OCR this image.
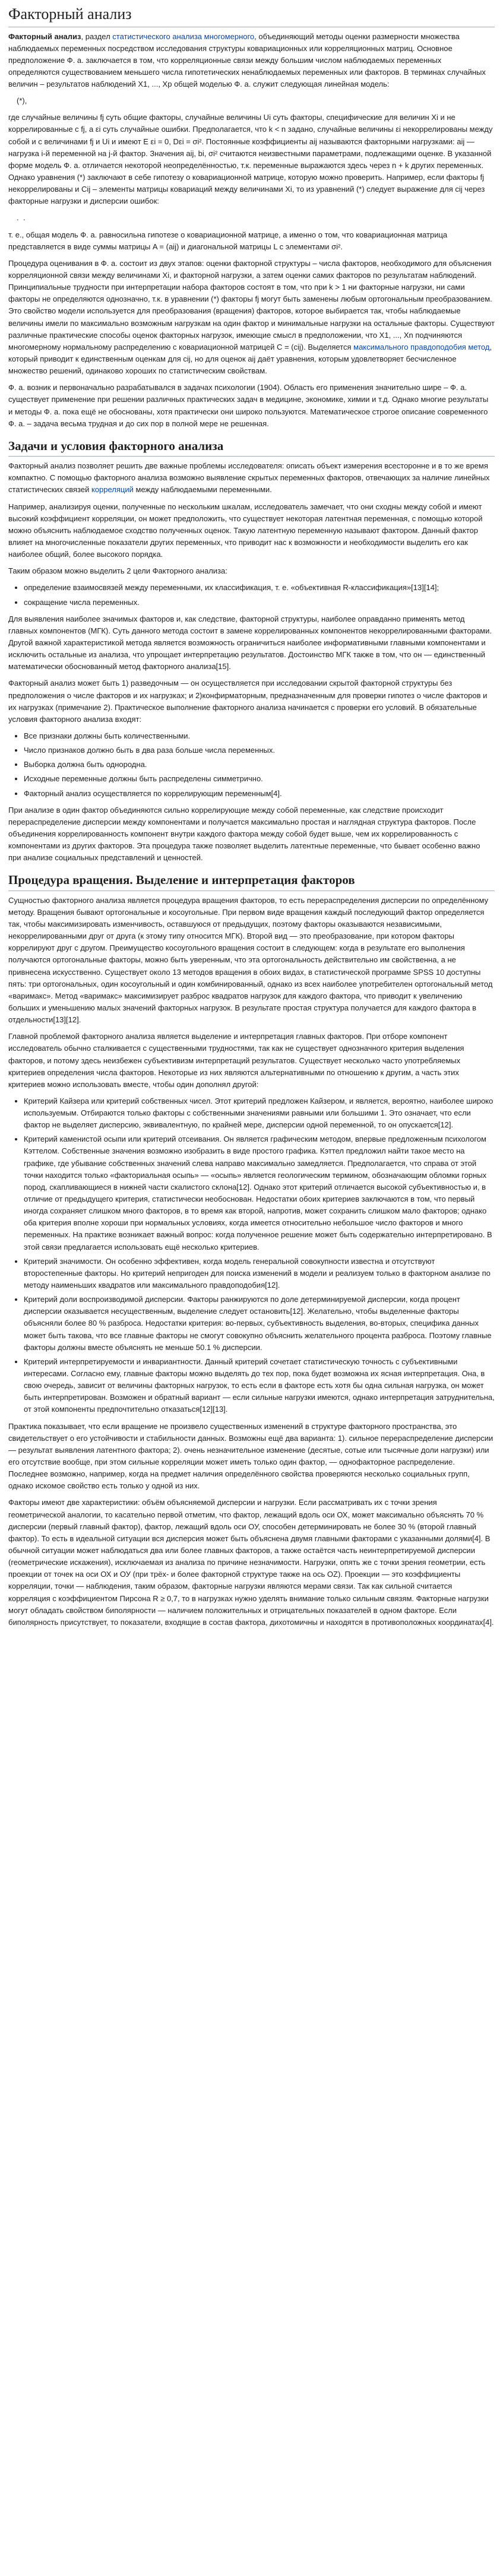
Факторный анализ

Факторный анализ, раздел статистического анализа многомерного, объединяющий методы оценки размерности множества наблюдаемых переменных посредством исследования структуры ковариационных или корреляционных матриц. Основное предположение Ф. а. заключается в том, что корреляционные связи между большим числом наблюдаемых переменных определяются существованием меньшего числа гипотетических ненаблюдаемых переменных или факторов. В терминах случайных величин – результатов наблюдений X1, ..., Xp общей моделью Ф. а. служит следующая линейная модель:

(*),

где случайные величины fj суть общие факторы, случайные величины Ui суть факторы, специфические для величин Xi и не коррелированные с fj, а εi суть случайные ошибки. Предполагается, что k < n задано, случайные величины εi некоррелированы между собой и с величинами fj и Ui и имеют E εi = 0, Dεi = σi². Постоянные коэффициенты aij называются факторными нагрузками: aij — нагрузка i-й переменной на j-й фактор. Значения aij, bi, σi² считаются неизвестными параметрами, подлежащими оценке. В указанной форме модель Ф. а. отличается некоторой неопределённостью, т.к. переменные выражаются здесь через n + k других переменных. Однако уравнения (*) заключают в себе гипотезу о ковариационной матрице, которую можно проверить. Например, если факторы fj некоррелированы и Cij – элементы матрицы ковариаций между величинами Xi, то из уравнений (*) следует выражение для cij через факторные нагрузки и дисперсии ошибок:

.  .

т. е., общая модель Ф. а. равносильна гипотезе о ковариационной матрице, а именно о том, что ковариационная матрица представляется в виде суммы матрицы A = (aij) и диагональной матрицы L с элементами σi².

Процедура оценивания в Ф. а. состоит из двух этапов: оценки факторной структуры – числа факторов, необходимого для объяснения корреляционной связи между величинами Xi, и факторной нагрузки, а затем оценки самих факторов по результатам наблюдений. Принципиальные трудности при интерпретации набора факторов состоят в том, что при k > 1 ни факторные нагрузки, ни сами факторы не определяются однозначно, т.к. в уравнении (*) факторы fj могут быть заменены любым ортогональным преобразованием. Это свойство модели используется для преобразования (вращения) факторов, которое выбирается так, чтобы наблюдаемые величины имели по максимально возможным нагрузкам на один фактор и минимальные нагрузки на остальные факторы. Существуют различные практические способы оценок факторных нагрузок, имеющие смысл в предположении, что X1, ..., Xn подчиняются многомерному нормальному распределению с ковариационной матрицей C = (cij). Выделяется максимального правдоподобия метод, который приводит к единственным оценкам для cij, но для оценок aij даёт уравнения, которым удовлетворяет бесчисленное множество решений, одинаково хороших по статистическим свойствам.

Ф. а. возник и первоначально разрабатывался в задачах психологии (1904). Область его применения значительно шире – Ф. а. существует применение при решении различных практических задач в медицине, экономике, химии и т.д. Однако многие результаты и методы Ф. а. пока ещё не обоснованы, хотя практически они широко пользуются. Математическое строгое описание современного Ф. а. – задача весьма трудная и до сих пор в полной мере не решенная.

Задачи и условия факторного анализа

Факторный анализ позволяет решить две важные проблемы исследователя: описать объект измерения всесторонне и в то же время компактно. С помощью факторного анализа возможно выявление скрытых переменных факторов, отвечающих за наличие линейных статистических связей корреляций между наблюдаемыми переменными.

Например, анализируя оценки, полученные по нескольким шкалам, исследователь замечает, что они сходны между собой и имеют высокий коэффициент корреляции, он может предположить, что существует некоторая латентная переменная, с помощью которой можно объяснить наблюдаемое сходство полученных оценок. Такую латентную переменную называют фактором. Данный фактор влияет на многочисленные показатели других переменных, что приводит нас к возможности и необходимости выделить его как наиболее общий, более высокого порядка.

Таким образом можно выделить 2 цели Факторного анализа:

• определение взаимосвязей между переменными, их классификация, т. е. «объективная R-классификация»[13][14];
• сокращение числа переменных.

Для выявления наиболее значимых факторов и, как следствие, факторной структуры, наиболее оправданно применять метод главных компонентов (МГК). Суть данного метода состоит в замене коррелированных компонентов некоррелированными факторами. Другой важной характеристикой метода является возможность ограничиться наиболее информативными главными компонентами и исключить остальные из анализа, что упрощает интерпретацию результатов. Достоинство МГК также в том, что он — единственный математически обоснованный метод факторного анализа[15].

Факторный анализ может быть 1) разведочным — он осуществляется при исследовании скрытой факторной структуры без предположения о числе факторов и их нагрузках; и 2)конфирматорным, предназначенным для проверки гипотез о числе факторов и их нагрузках (примечание 2). Практическое выполнение факторного анализа начинается с проверки его условий. В обязательные условия факторного анализа входят:

• Все признаки должны быть количественными.
• Число признаков должно быть в два раза больше числа переменных.
• Выборка должна быть однородна.
• Исходные переменные должны быть распределены симметрично.
• Факторный анализ осуществляется по коррелирующим переменным[4].

При анализе в один фактор объединяются сильно коррелирующие между собой переменные, как следствие происходит перераспределение дисперсии между компонентами и получается максимально простая и наглядная структура факторов. После объединения коррелированность компонент внутри каждого фактора между собой будет выше, чем их коррелированность с компонентами из других факторов. Эта процедура также позволяет выделить латентные переменные, что бывает особенно важно при анализе социальных представлений и ценностей.

Процедура вращения. Выделение и интерпретация факторов

Сущностью факторного анализа является процедура вращения факторов, то есть перераспределения дисперсии по определённому методу. Вращения бывают ортогональные и косоугольные. При первом виде вращения каждый последующий фактор определяется так, чтобы максимизировать изменчивость, оставшуюся от предыдущих, поэтому факторы оказываются независимыми, некоррелированными друг от друга (к этому типу относится МГК). Второй вид — это преобразование, при котором факторы коррелируют друг с другом. Преимущество косоугольного вращения состоит в следующем: когда в результате его выполнения получаются ортогональные факторы, можно быть уверенным, что эта ортогональность действительно им свойственна, а не привнесена искусственно. Существует около 13 методов вращения в обоих видах, в статистической программе SPSS 10 доступны пять: три ортогональных, один косоугольный и один комбинированный, однако из всех наиболее употребителен ортогональный метод «варимакс». Метод «варимакс» максимизирует разброс квадратов нагрузок для каждого фактора, что приводит к увеличению больших и уменьшению малых значений факторных нагрузок. В результате простая структура получается для каждого фактора в отдельности[13][12].

Главной проблемой факторного анализа является выделение и интерпретация главных факторов. При отборе компонент исследователь обычно сталкивается с существенными трудностями, так как не существует однозначного критерия выделения факторов, и потому здесь неизбежен субъективизм интерпретаций результатов. Существует несколько часто употребляемых критериев определения числа факторов. Некоторые из них являются альтернативными по отношению к другим, а часть этих критериев можно использовать вместе, чтобы один дополнял другой:

• Критерий Кайзера или критерий собственных чисел. Этот критерий предложен Кайзером, и является, вероятно, наиболее широко используемым. Отбираются только факторы с собственными значениями равными или большими 1. Это означает, что если фактор не выделяет дисперсию, эквивалентную, по крайней мере, дисперсии одной переменной, то он опускается[12].
• Критерий каменистой осыпи или критерий отсеивания. Он является графическим методом, впервые предложенным психологом Кэттелом. Собственные значения возможно изобразить в виде простого графика. Кэттел предложил найти такое место на графике, где убывание собственных значений слева направо максимально замедляется. Предполагается, что справа от этой точки находится только «факториальная осыпь» — «осыпь» является геологическим термином, обозначающим обломки горных пород, скапливающиеся в нижней части скалистого склона[12]. Однако этот критерий отличается высокой субъективностью и, в отличие от предыдущего критерия, статистически необоснован. Недостатки обоих критериев заключаются в том, что первый иногда сохраняет слишком много факторов, в то время как второй, напротив, может сохранить слишком мало факторов; однако оба критерия вполне хороши при нормальных условиях, когда имеется относительно небольшое число факторов и много переменных. На практике возникает важный вопрос: когда полученное решение может быть содержательно интерпретировано. В этой связи предлагается использовать ещё несколько критериев.
• Критерий значимости. Он особенно эффективен, когда модель генеральной совокупности известна и отсутствуют второстепенные факторы. Но критерий непригоден для поиска изменений в модели и реализуем только в факторном анализе по методу наименьших квадратов или максимального правдоподобия[12].
• Критерий доли воспроизводимой дисперсии. Факторы ранжируются по доле детерминируемой дисперсии, когда процент дисперсии оказывается несущественным, выделение следует остановить[12]. Желательно, чтобы выделенные факторы объясняли более 80 % разброса. Недостатки критерия: во-первых, субъективность выделения, во-вторых, специфика данных может быть такова, что все главные факторы не смогут совокупно объяснить желательного процента разброса. Поэтому главные факторы должны вместе объяснять не меньше 50.1 % дисперсии.
• Критерий интерпретируемости и инвариантности. Данный критерий сочетает статистическую точность с субъективными интересами. Согласно ему, главные факторы можно выделять до тех пор, пока будет возможна их ясная интерпретация. Она, в свою очередь, зависит от величины факторных нагрузок, то есть если в факторе есть хотя бы одна сильная нагрузка, он может быть интерпретирован. Возможен и обратный вариант — если сильные нагрузки имеются, однако интерпретация затруднительна, от этой компоненты предпочтительно отказаться[12][13].

Практика показывает, что если вращение не произвело существенных изменений в структуре факторного пространства, это свидетельствует о его устойчивости и стабильности данных. Возможны ещё два варианта: 1). сильное перераспределение дисперсии — результат выявления латентного фактора; 2). очень незначительное изменение (десятые, сотые или тысячные доли нагрузки) или его отсутствие вообще, при этом сильные корреляции может иметь только один фактор, — однофакторное распределение. Последнее возможно, например, когда на предмет наличия определённого свойства проверяются несколько социальных групп, однако искомое свойство есть только у одной из них.

Факторы имеют две характеристики: объём объясняемой дисперсии и нагрузки. Если рассматривать их с точки зрения геометрической аналогии, то касательно первой отметим, что фактор, лежащий вдоль оси ОХ, может максимально объяснять 70 % дисперсии (первый главный фактор), фактор, лежащий вдоль оси ОУ, способен детерминировать не более 30 % (второй главный фактор). То есть в идеальной ситуации вся дисперсия может быть объяснена двумя главными факторами с указанными долями[4]. В обычной ситуации может наблюдаться два или более главных факторов, а также остаётся часть неинтерпретируемой дисперсии (геометрические искажения), исключаемая из анализа по причине незначимости. Нагрузки, опять же с точки зрения геометрии, есть проекции от точек на оси ОХ и ОУ (при трёх- и более факторной структуре также на ось OZ). Проекции — это коэффициенты корреляции, точки — наблюдения, таким образом, факторные нагрузки являются мерами связи. Так как сильной считается корреляция с коэффициентом Пирсона R ≥ 0,7, то в нагрузках нужно уделять внимание только сильным связям. Факторные нагрузки могут обладать свойством биполярности — наличием положительных и отрицательных показателей в одном факторе. Если биполярность присутствует, то показатели, входящие в состав фактора, дихотомичны и находятся в противоположных координатах[4].
